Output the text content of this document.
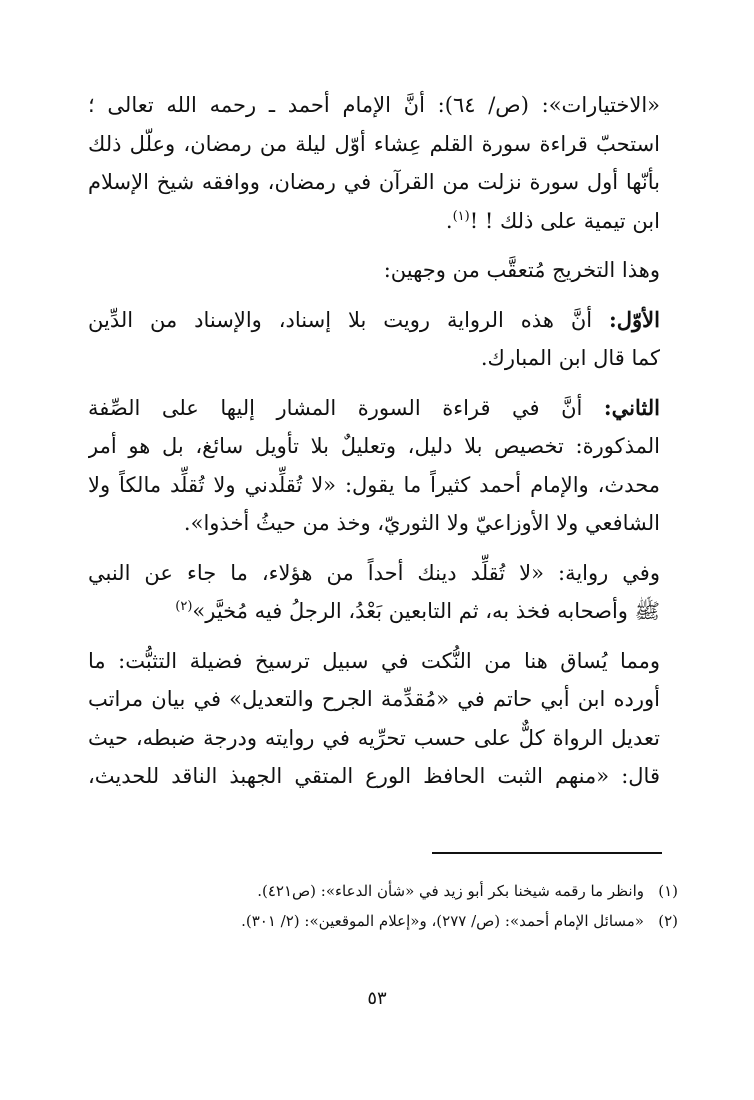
«الاختيارات»: (ص/ ٦٤): أنَّ الإمام أحمد ـ رحمه الله تعالى ؛
استحبّ قراءة سورة القلم عِشاء أوّل ليلة من رمضان، وعلّل ذلك
بأنّها أول سورة نزلت من القرآن في رمضان، ووافقه شيخ الإسلام
ابن تيمية على ذلك ! !$^{(١)}$.

وهذا التخريج مُتعقَّب من وجهين:

الأوّل: أنَّ هذه الرواية رويت بلا إسناد، والإسناد من الدِّين
كما قال ابن المبارك.

الثاني: أنَّ في قراءة السورة المشار إليها على الصِّفة
المذكورة: تخصيص بلا دليل، وتعليلٌ بلا تأويل سائغ، بل هو أمر
محدث، والإمام أحمد كثيراً ما يقول: «لا تُقلِّدني ولا تُقلِّد مالكاً ولا
الشافعي ولا الأوزاعيّ ولا الثوريّ، وخذ من حيثُ أخذوا».

وفي رواية: «لا تُقلِّد دينك أحداً من هؤلاء، ما جاء عن النبي
ﷺ وأصحابه فخذ به، ثم التابعين بَعْدُ، الرجلُ فيه مُخيَّر»$^{(٢)}$

ومما يُساق هنا من النُّكت في سبيل ترسيخ فضيلة التثبُّت: ما
أورده ابن أبي حاتم في «مُقدِّمة الجرح والتعديل» في بيان مراتب
تعديل الرواة كلٌّ على حسب تحرِّيه في روايته ودرجة ضبطه، حيث
قال: «منهم الثبت الحافظ الورع المتقي الجهبذ الناقد للحديث،

(١)وانظر ما رقمه شيخنا بكر أبو زيد في «شأن الدعاء»: (ص٤٢١).
(٢)«مسائل الإمام أحمد»: (ص/ ٢٧٧)، و«إعلام الموقعين»: (٢/ ٣٠١).
٥٣
